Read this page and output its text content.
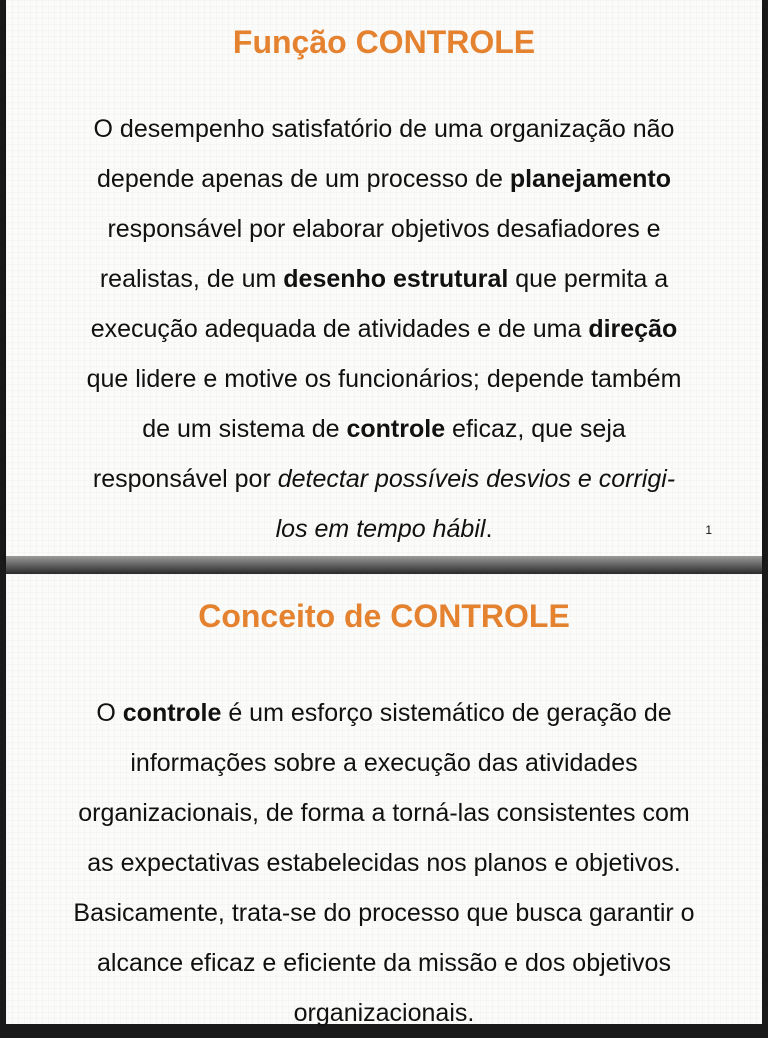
Função CONTROLE
O desempenho satisfatório de uma organização não
depende apenas de um processo de planejamento
responsável por elaborar objetivos desafiadores e
realistas, de um desenho estrutural que permita a
execução adequada de atividades e de uma direção
que lidere e motive os funcionários; depende também
de um sistema de controle eficaz, que seja
responsável por detectar possíveis desvios e corrigi-
los em tempo hábil.	1
Conceito de CONTROLE
O controle é um esforço sistemático de geração de
informações sobre a execução das atividades
organizacionais, de forma a torná-las consistentes com
as expectativas estabelecidas nos planos e objetivos.
Basicamente, trata-se do processo que busca garantir o
alcance eficaz e eficiente da missão e dos objetivos
organizacionais.
